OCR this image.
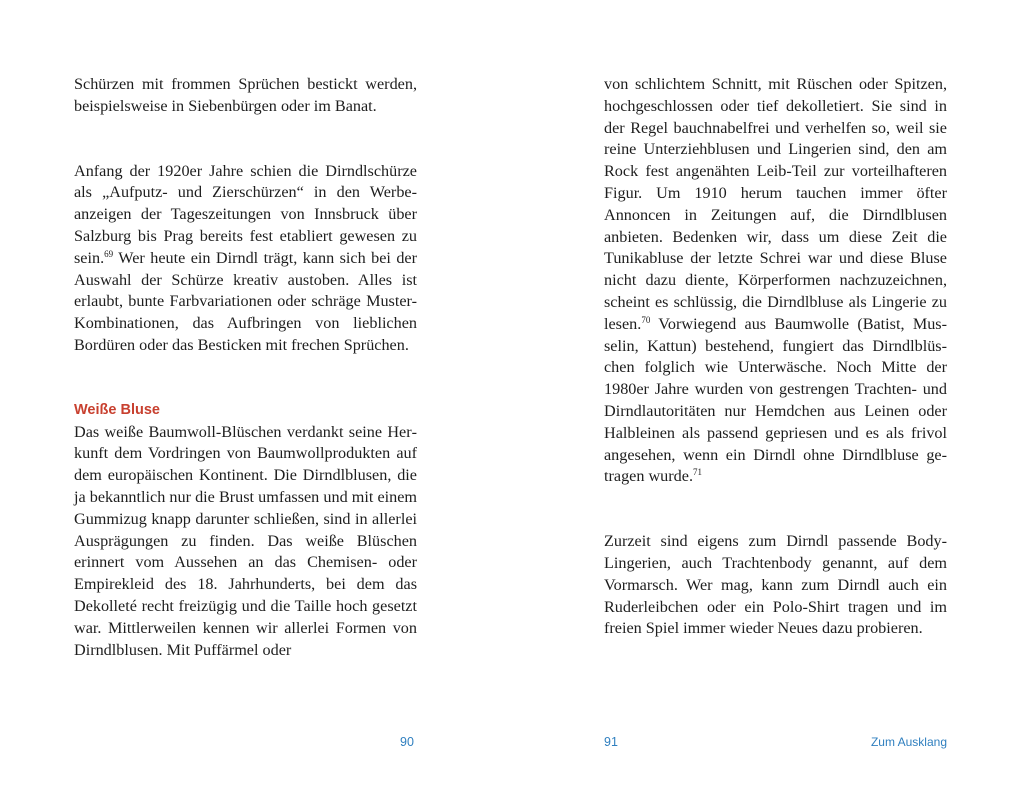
Schürzen mit frommen Sprüchen bestickt werden, beispielsweise in Siebenbürgen oder im Banat.

Anfang der 1920er Jahre schien die Dirndlschürze als „Aufputz- und Zierschürzen“ in den Werbeanzeigen der Tageszeitungen von Innsbruck über Salzburg bis Prag bereits fest etabliert gewesen zu sein.$^{69}$ Wer heute ein Dirndl trägt, kann sich bei der Auswahl der Schürze kreativ austoben. Alles ist erlaubt, bunte Farbvariationen oder schräge Muster-Kombinationen, das Aufbringen von lieblichen Bordüren oder das Besticken mit frechen Sprüchen.

Weiße Bluse

Das weiße Baumwoll-Blüschen verdankt seine Herkunft dem Vordringen von Baumwollprodukten auf dem europäischen Kontinent. Die Dirndlblusen, die ja bekanntlich nur die Brust umfassen und mit einem Gummizug knapp darunter schließen, sind in allerlei Ausprägungen zu finden. Das weiße Blüschen erinnert vom Aussehen an das Chemisen- oder Empirekleid des 18. Jahrhunderts, bei dem das Dekolleté recht freizügig und die Taille hoch gesetzt war. Mittlerweilen kennen wir allerlei Formen von Dirndlblusen. Mit Puffärmel oder

von schlichtem Schnitt, mit Rüschen oder Spitzen, hochgeschlossen oder tief dekolletiert. Sie sind in der Regel bauchnabelfrei und verhelfen so, weil sie reine Unterziehblusen und Lingerien sind, den am Rock fest angenähten Leib-Teil zur vorteilhafteren Figur. Um 1910 herum tauchen immer öfter Annoncen in Zeitungen auf, die Dirndlblusen anbieten. Bedenken wir, dass um diese Zeit die Tunikabluse der letzte Schrei war und diese Bluse nicht dazu diente, Körperformen nachzuzeichnen, scheint es schlüssig, die Dirndlbluse als Lingerie zu lesen.$^{70}$ Vorwiegend aus Baumwolle (Batist, Musselin, Kattun) bestehend, fungiert das Dirndlblüschen folglich wie Unterwäsche. Noch Mitte der 1980er Jahre wurden von gestrengen Trachten- und Dirndlautoritäten nur Hemdchen aus Leinen oder Halbleinen als passend gepriesen und es als frivol angesehen, wenn ein Dirndl ohne Dirndlbluse getragen wurde.$^{71}$

Zurzeit sind eigens zum Dirndl passende Body-Lingerien, auch Trachtenbody genannt, auf dem Vormarsch. Wer mag, kann zum Dirndl auch ein Ruderleibchen oder ein Polo-Shirt tragen und im freien Spiel immer wieder Neues dazu probieren.

90	91	Zum Ausklang
